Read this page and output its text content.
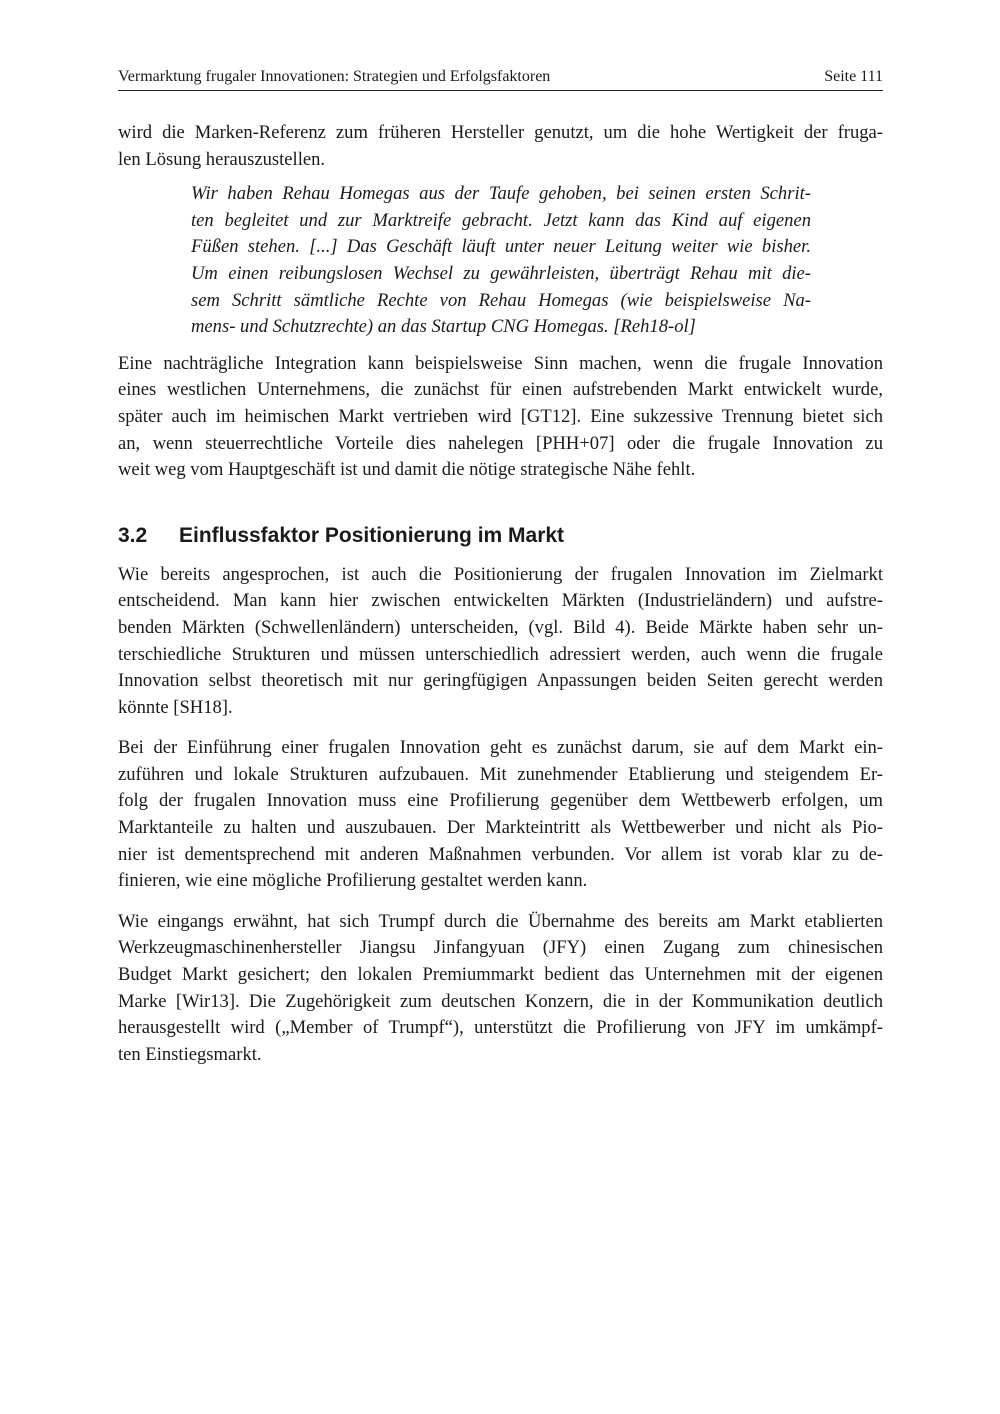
Vermarktung frugaler Innovationen: Strategien und Erfolgsfaktoren	Seite 111

wird die Marken-Referenz zum früheren Hersteller genutzt, um die hohe Wertigkeit der fruga-
len Lösung herauszustellen.

Wir haben Rehau Homegas aus der Taufe gehoben, bei seinen ersten Schrit-
ten begleitet und zur Marktreife gebracht. Jetzt kann das Kind auf eigenen
Füßen stehen. [...] Das Geschäft läuft unter neuer Leitung weiter wie bisher.
Um einen reibungslosen Wechsel zu gewährleisten, überträgt Rehau mit die-
sem Schritt sämtliche Rechte von Rehau Homegas (wie beispielsweise Na-
mens- und Schutzrechte) an das Startup CNG Homegas. [Reh18-ol]

Eine nachträgliche Integration kann beispielsweise Sinn machen, wenn die frugale Innovation
eines westlichen Unternehmens, die zunächst für einen aufstrebenden Markt entwickelt wurde,
später auch im heimischen Markt vertrieben wird [GT12]. Eine sukzessive Trennung bietet sich
an, wenn steuerrechtliche Vorteile dies nahelegen [PHH+07] oder die frugale Innovation zu
weit weg vom Hauptgeschäft ist und damit die nötige strategische Nähe fehlt.

3.2 Einflussfaktor Positionierung im Markt

Wie bereits angesprochen, ist auch die Positionierung der frugalen Innovation im Zielmarkt
entscheidend. Man kann hier zwischen entwickelten Märkten (Industrieländern) und aufstre-
benden Märkten (Schwellenländern) unterscheiden, (vgl. Bild 4). Beide Märkte haben sehr un-
terschiedliche Strukturen und müssen unterschiedlich adressiert werden, auch wenn die frugale
Innovation selbst theoretisch mit nur geringfügigen Anpassungen beiden Seiten gerecht werden
könnte [SH18].

Bei der Einführung einer frugalen Innovation geht es zunächst darum, sie auf dem Markt ein-
zuführen und lokale Strukturen aufzubauen. Mit zunehmender Etablierung und steigendem Er-
folg der frugalen Innovation muss eine Profilierung gegenüber dem Wettbewerb erfolgen, um
Marktanteile zu halten und auszubauen. Der Markteintritt als Wettbewerber und nicht als Pio-
nier ist dementsprechend mit anderen Maßnahmen verbunden. Vor allem ist vorab klar zu de-
finieren, wie eine mögliche Profilierung gestaltet werden kann.

Wie eingangs erwähnt, hat sich Trumpf durch die Übernahme des bereits am Markt etablierten
Werkzeugmaschinenhersteller Jiangsu Jinfangyuan (JFY) einen Zugang zum chinesischen
Budget Markt gesichert; den lokalen Premiummarkt bedient das Unternehmen mit der eigenen
Marke [Wir13]. Die Zugehörigkeit zum deutschen Konzern, die in der Kommunikation deutlich
herausgestellt wird („Member of Trumpf“), unterstützt die Profilierung von JFY im umkämpf-
ten Einstiegsmarkt.
